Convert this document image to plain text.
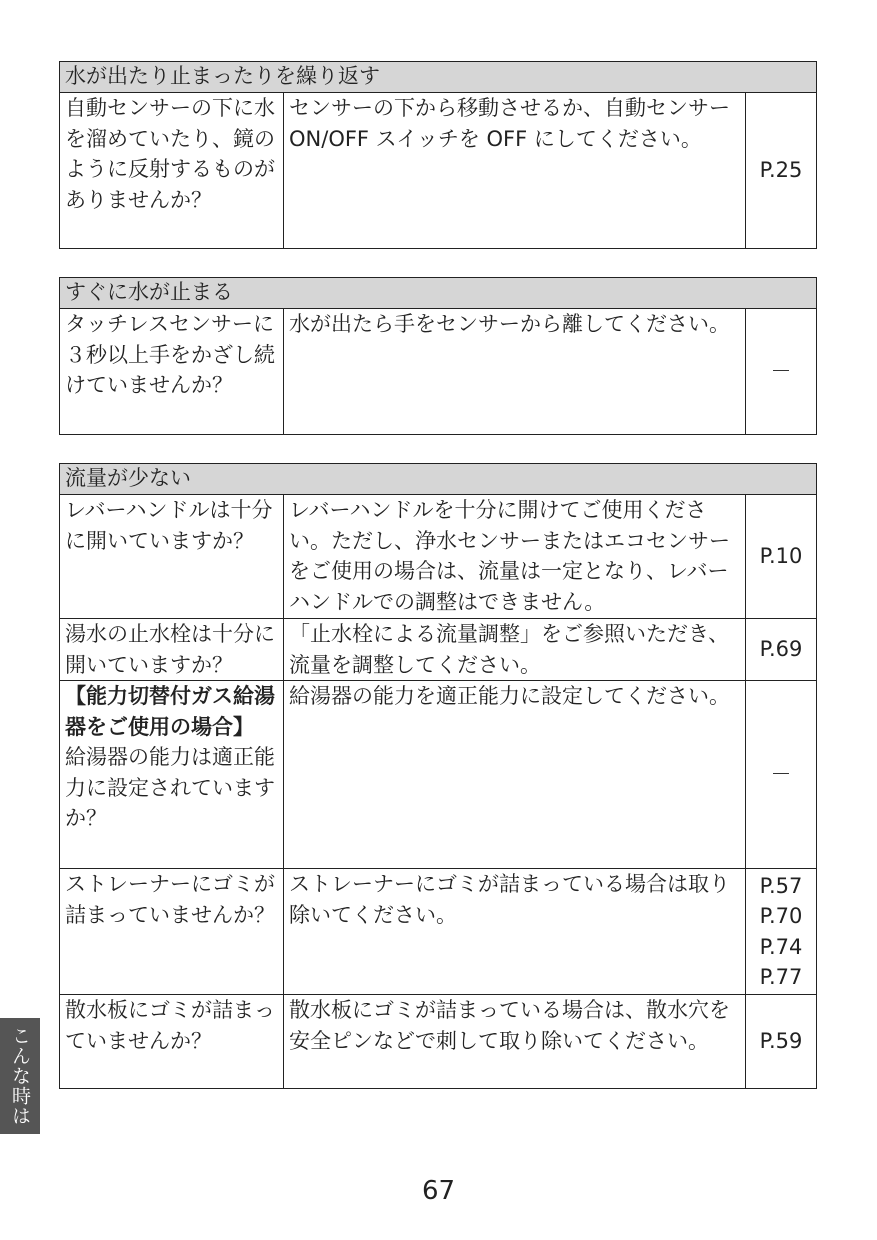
水が出たり止まったりを繰り返す
自動センサーの下に水を溜めていたり、鏡のように反射するものがありませんか？	センサーの下から移動させるか、自動センサー ON/OFF スイッチを OFF にしてください。	
P.25
すぐに水が止まる
タッチレスセンサーに３秒以上手をかざし続けていませんか？	水が出たら手をセンサーから離してください。	
－
流量が少ない		
レバーハンドルは十分に開いていますか？	レバーハンドルを十分に開けてご使用ください。ただし、浄水センサーまたはエコセンサーをご使用の場合は、流量は一定となり、レバーハンドルでの調整はできません。	P.10

湯水の止水栓は十分に開いていますか？	「止水栓による流量調整」をご参照いただき、流量を調整してください。	P.69

【能力切替付ガス給湯器をご使用の場合】
給湯器の能力は適正能力に設定されていますか？	給湯器の能力を適正能力に設定してください。	－

ストレーナーにゴミが詰まっていませんか？	ストレーナーにゴミが詰まっている場合は取り除いてください。	P.57
P.70
P.74
P.77

散水板にゴミが詰まっていませんか？	散水板にゴミが詰まっている場合は、散水穴を安全ピンなどで刺して取り除いてください。	P.59
こんな時は
67
